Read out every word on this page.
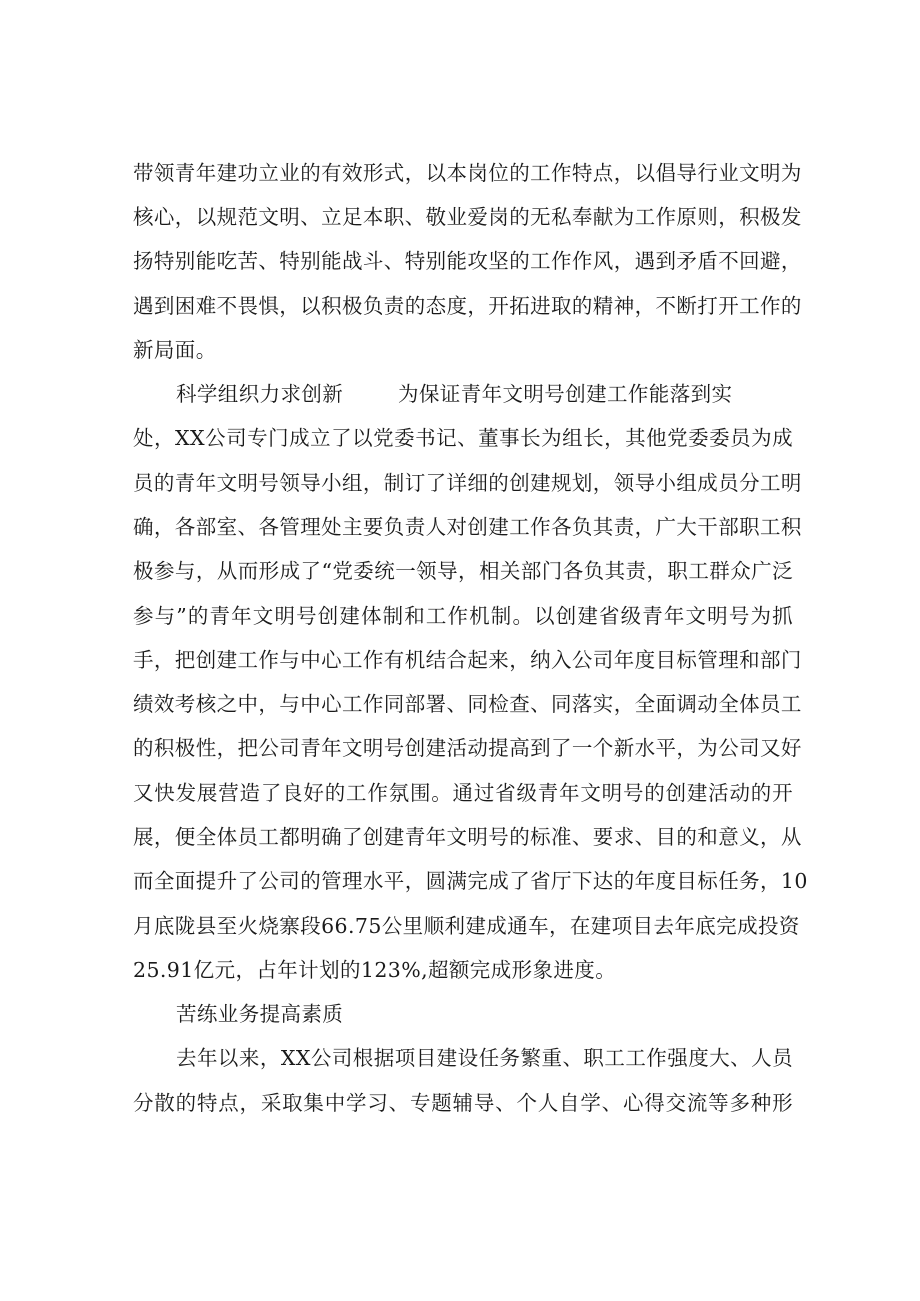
带领青年建功立业的有效形式，以本岗位的工作特点，以倡导行业文明为
核心，以规范文明、立足本职、敬业爱岗的无私奉献为工作原则，积极发
扬特别能吃苦、特别能战斗、特别能攻坚的工作作风，遇到矛盾不回避，
遇到困难不畏惧，以积极负责的态度，开拓进取的精神，不断打开工作的
新局面。
科学组织力求创新	为保证青年文明号创建工作能落到实
处，XX公司专门成立了以党委书记、董事长为组长，其他党委委员为成
员的青年文明号领导小组，制订了详细的创建规划，领导小组成员分工明
确，各部室、各管理处主要负责人对创建工作各负其责，广大干部职工积
极参与，从而形成了“党委统一领导，相关部门各负其责，职工群众广泛
参与”的青年文明号创建体制和工作机制。以创建省级青年文明号为抓
手，把创建工作与中心工作有机结合起来，纳入公司年度目标管理和部门
绩效考核之中，与中心工作同部署、同检查、同落实，全面调动全体员工
的积极性，把公司青年文明号创建活动提高到了一个新水平，为公司又好
又快发展营造了良好的工作氛围。通过省级青年文明号的创建活动的开
展，便全体员工都明确了创建青年文明号的标准、要求、目的和意义，从
而全面提升了公司的管理水平，圆满完成了省厅下达的年度目标任务，10
月底陇县至火烧寨段66.75公里顺利建成通车，在建项目去年底完成投资
25.91亿元，占年计划的123%,超额完成形象进度。
苦练业务提高素质
去年以来，XX公司根据项目建设任务繁重、职工工作强度大、人员
分散的特点，采取集中学习、专题辅导、个人自学、心得交流等多种形
